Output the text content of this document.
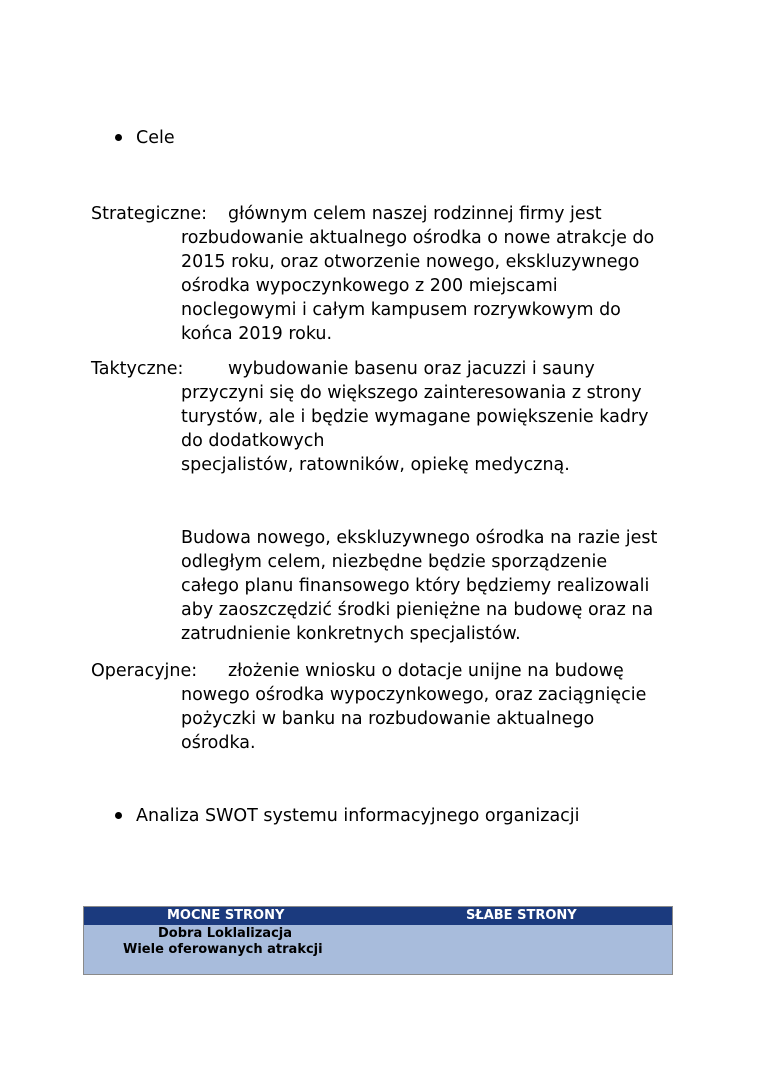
Cele
Strategiczne: głównym celem naszej rodzinnej firmy jest
rozbudowanie aktualnego ośrodka o nowe atrakcje do
2015 roku, oraz otworzenie nowego, ekskluzywnego
ośrodka wypoczynkowego z 200 miejscami
noclegowymi i całym kampusem rozrywkowym do
końca 2019 roku.
Taktyczne:	wybudowanie basenu oraz jacuzzi i sauny
przyczyni się do większego zainteresowania z strony
turystów, ale i będzie wymagane powiększenie kadry
do dodatkowych
specjalistów, ratowników, opiekę medyczną.
Budowa nowego, ekskluzywnego ośrodka na razie jest
odległym celem, niezbędne będzie sporządzenie
całego planu finansowego który będziemy realizowali
aby zaoszczędzić środki pieniężne na budowę oraz na
zatrudnienie konkretnych specjalistów.
Operacyjne: złożenie wniosku o dotacje unijne na budowę
nowego ośrodka wypoczynkowego, oraz zaciągnięcie
pożyczki w banku na rozbudowanie aktualnego
ośrodka.
Analiza SWOT systemu informacyjnego organizacji
MOCNE STRONY	SŁABE STRONY
Dobra Loklalizacja
Wiele oferowanych atrakcji
